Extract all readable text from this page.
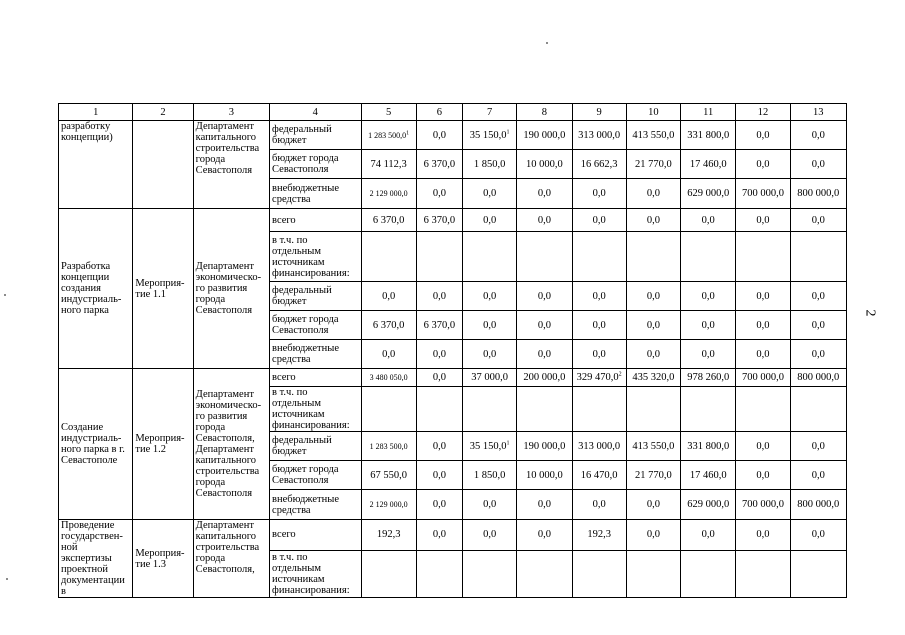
1	2	3	4	5	6	7	8	9	10	11	12	13
разработку концепции)		Департамент капитального строительства города Севастополя	федеральный бюджет	1 283 500,0$^1$	0,0	35 150,0$^1$	190 000,0	313 000,0	413 550,0	331 800,0	0,0	0,0
			бюджет города Севастополя	74 112,3	6 370,0	1 850,0	10 000,0	16 662,3	21 770,0	17 460,0	0,0	0,0
			внебюджетные средства	2 129 000,0	0,0	0,0	0,0	0,0	0,0	629 000,0	700 000,0	800 000,0
Разработка концепции создания индустриаль-ного парка	Мероприя-тие 1.1	Департамент экономическо-го развития города Севастополя	всего	6 370,0	6 370,0	0,0	0,0	0,0	0,0	0,0	0,0	0,0
			в т.ч. по отдельным источникам финансирования:									
			федеральный бюджет	0,0	0,0	0,0	0,0	0,0	0,0	0,0	0,0	0,0
			бюджет города Севастополя	6 370,0	6 370,0	0,0	0,0	0,0	0,0	0,0	0,0	0,0
			внебюджетные средства	0,0	0,0	0,0	0,0	0,0	0,0	0,0	0,0	0,0
Создание индустриаль-ного парка в г. Севастополе	Мероприя-тие 1.2	Департамент экономическо-го развития города Севастополя, Департамент капитального строительства города Севастополя	всего	3 480 050,0	0,0	37 000,0	200 000,0	329 470,0$^2$	435 320,0	978 260,0	700 000,0	800 000,0
			в т.ч. по отдельным источникам финансирования:									
			федеральный бюджет	1 283 500,0	0,0	35 150,0$^1$	190 000,0	313 000,0	413 550,0	331 800,0	0,0	0,0
			бюджет города Севастополя	67 550,0	0,0	1 850,0	10 000,0	16 470,0	21 770,0	17 460,0	0,0	0,0
			внебюджетные средства	2 129 000,0	0,0	0,0	0,0	0,0	0,0	629 000,0	700 000,0	800 000,0
Проведение государствен-ной экспертизы проектной документации в	Мероприя-тие 1.3	Департамент капитального строительства города Севастополя,	всего	192,3	0,0	0,0	0,0	192,3	0,0	0,0	0,0	0,0
			в т.ч. по отдельным источникам финансирования:									
2
